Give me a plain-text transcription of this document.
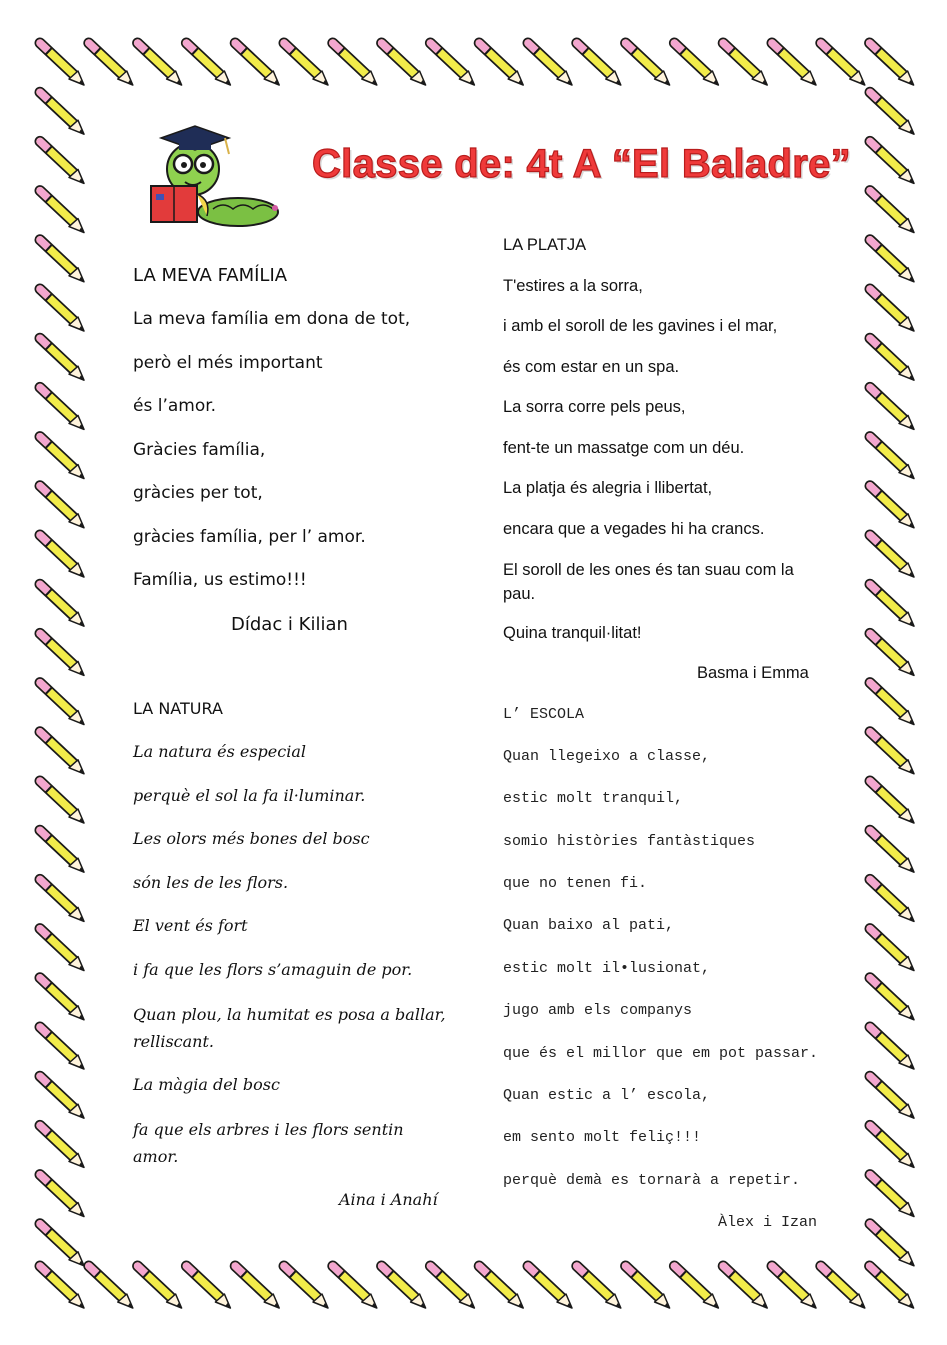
Classe de: 4t A “El Baladre”
LA MEVA FAMÍLIA
La meva família em dona de tot,
però el més important
és l’amor.
Gràcies família,
gràcies per tot,
gràcies família, per l’ amor.
Família, us estimo!!!
Dídac i Kilian
LA NATURA
La natura és especial
perquè el sol la fa il·luminar.
Les olors més bones del bosc
són les de les flors.
El vent és fort
i fa que les flors s’amaguin de por.
Quan plou, la humitat es posa a ballar, relliscant.
La màgia del bosc
fa que els arbres i les flors sentin amor.
Aina i Anahí
LA PLATJA
T'estires a la sorra,
i amb el soroll de les gavines i el mar,
és com estar en un spa.
La sorra corre pels peus,
fent-te un massatge com un déu.
La platja és alegria i llibertat,
encara que a vegades hi ha crancs.
El soroll de les ones és tan suau com la pau.
Quina tranquil·litat!
Basma i Emma
L’ ESCOLA
Quan llegeixo a classe,
estic molt tranquil,
somio històries fantàstiques
que no tenen fi.
Quan baixo al pati,
estic molt il•lusionat,
jugo amb els companys
que és el millor que em pot passar.
Quan estic a l’ escola,
em sento molt feliç!!!
perquè demà es tornarà a repetir.
Àlex i Izan
